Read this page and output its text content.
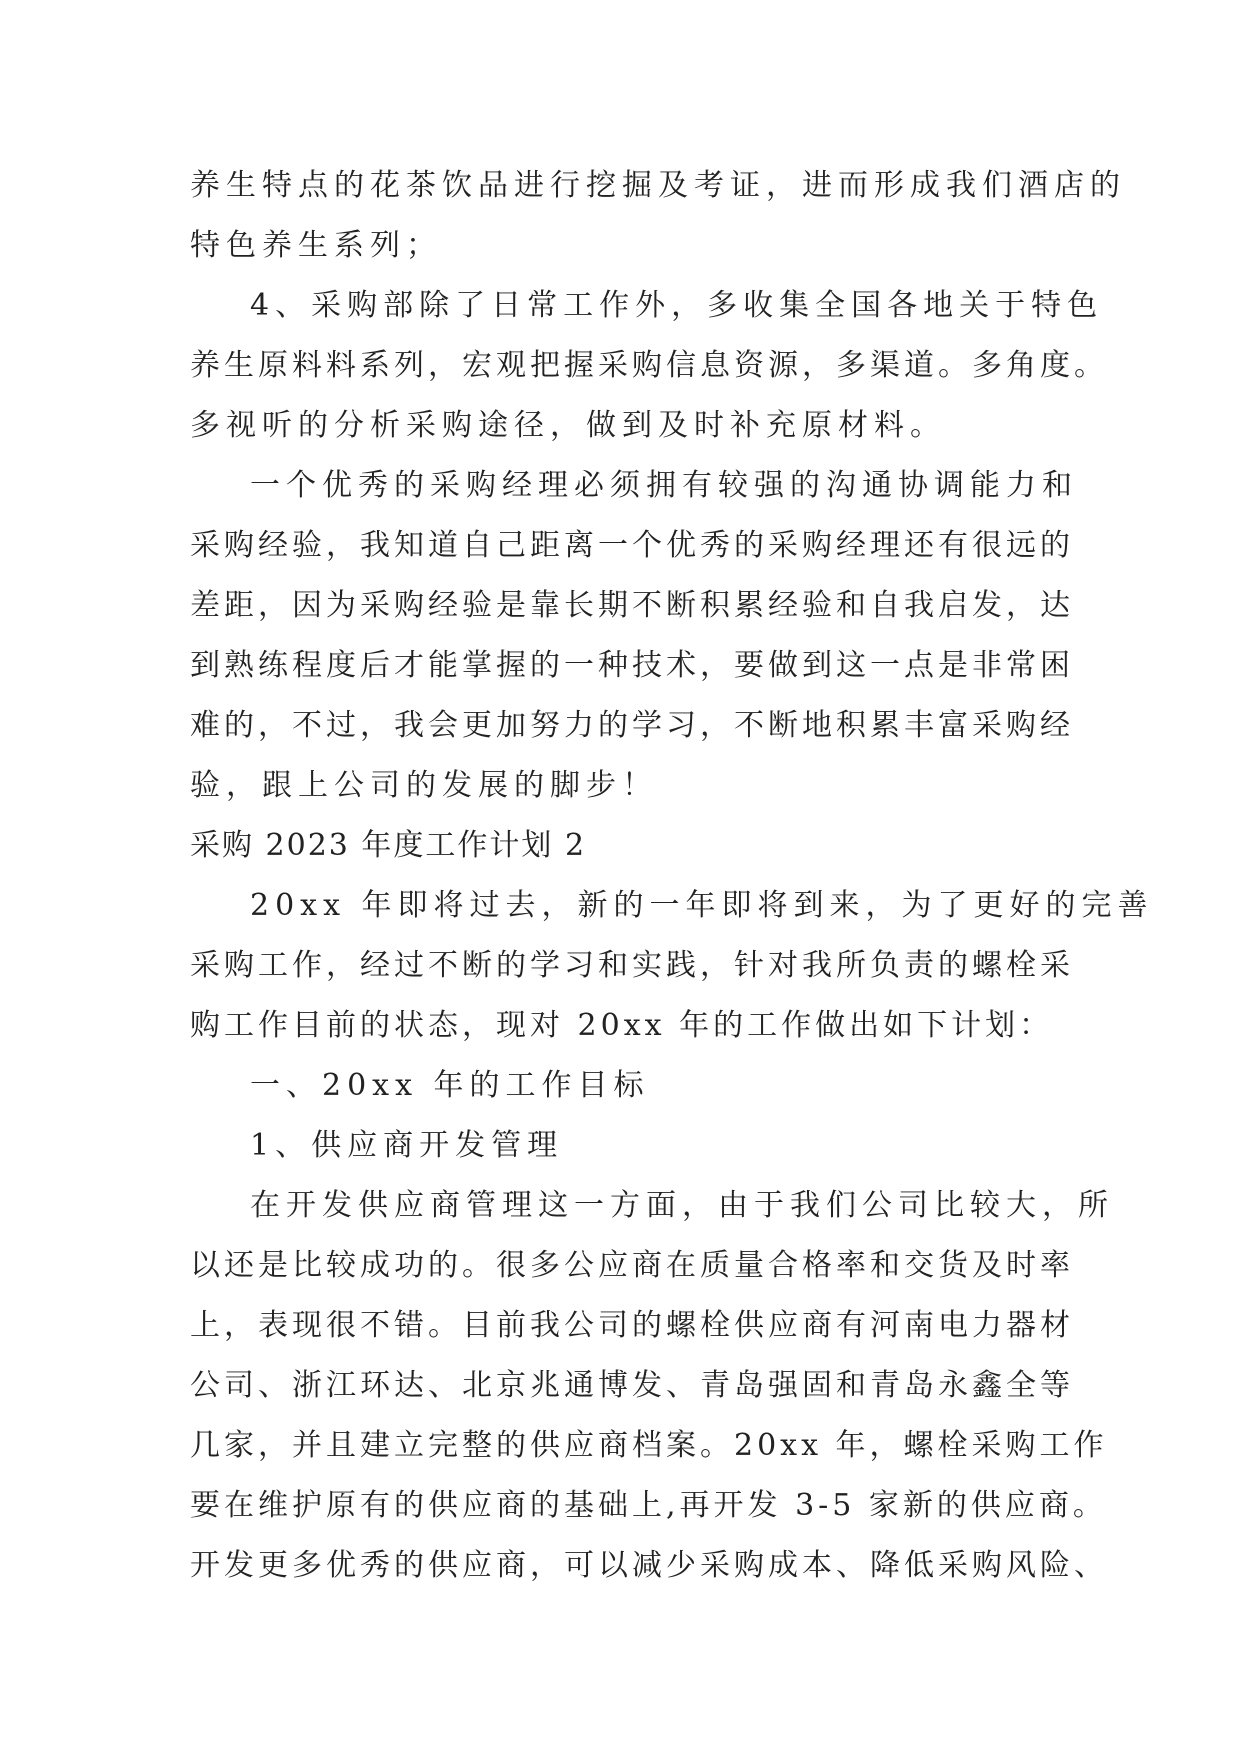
养生特点的花茶饮品进行挖掘及考证，进而形成我们酒店的
特色养生系列；
4、采购部除了日常工作外，多收集全国各地关于特色
养生原料料系列，宏观把握采购信息资源，多渠道。多角度。
多视听的分析采购途径，做到及时补充原材料。
一个优秀的采购经理必须拥有较强的沟通协调能力和
采购经验，我知道自己距离一个优秀的采购经理还有很远的
差距，因为采购经验是靠长期不断积累经验和自我启发，达
到熟练程度后才能掌握的一种技术，要做到这一点是非常困
难的，不过，我会更加努力的学习，不断地积累丰富采购经
验，跟上公司的发展的脚步！
采购 2023 年度工作计划 2
20xx 年即将过去，新的一年即将到来，为了更好的完善
采购工作，经过不断的学习和实践，针对我所负责的螺栓采
购工作目前的状态，现对 20xx 年的工作做出如下计划：
一、20xx 年的工作目标
1、供应商开发管理
在开发供应商管理这一方面，由于我们公司比较大，所
以还是比较成功的。很多公应商在质量合格率和交货及时率
上，表现很不错。目前我公司的螺栓供应商有河南电力器材
公司、浙江环达、北京兆通博发、青岛强固和青岛永鑫全等
几家，并且建立完整的供应商档案。20xx 年，螺栓采购工作
要在维护原有的供应商的基础上,再开发 3-5 家新的供应商。
开发更多优秀的供应商，可以减少采购成本、降低采购风险、
